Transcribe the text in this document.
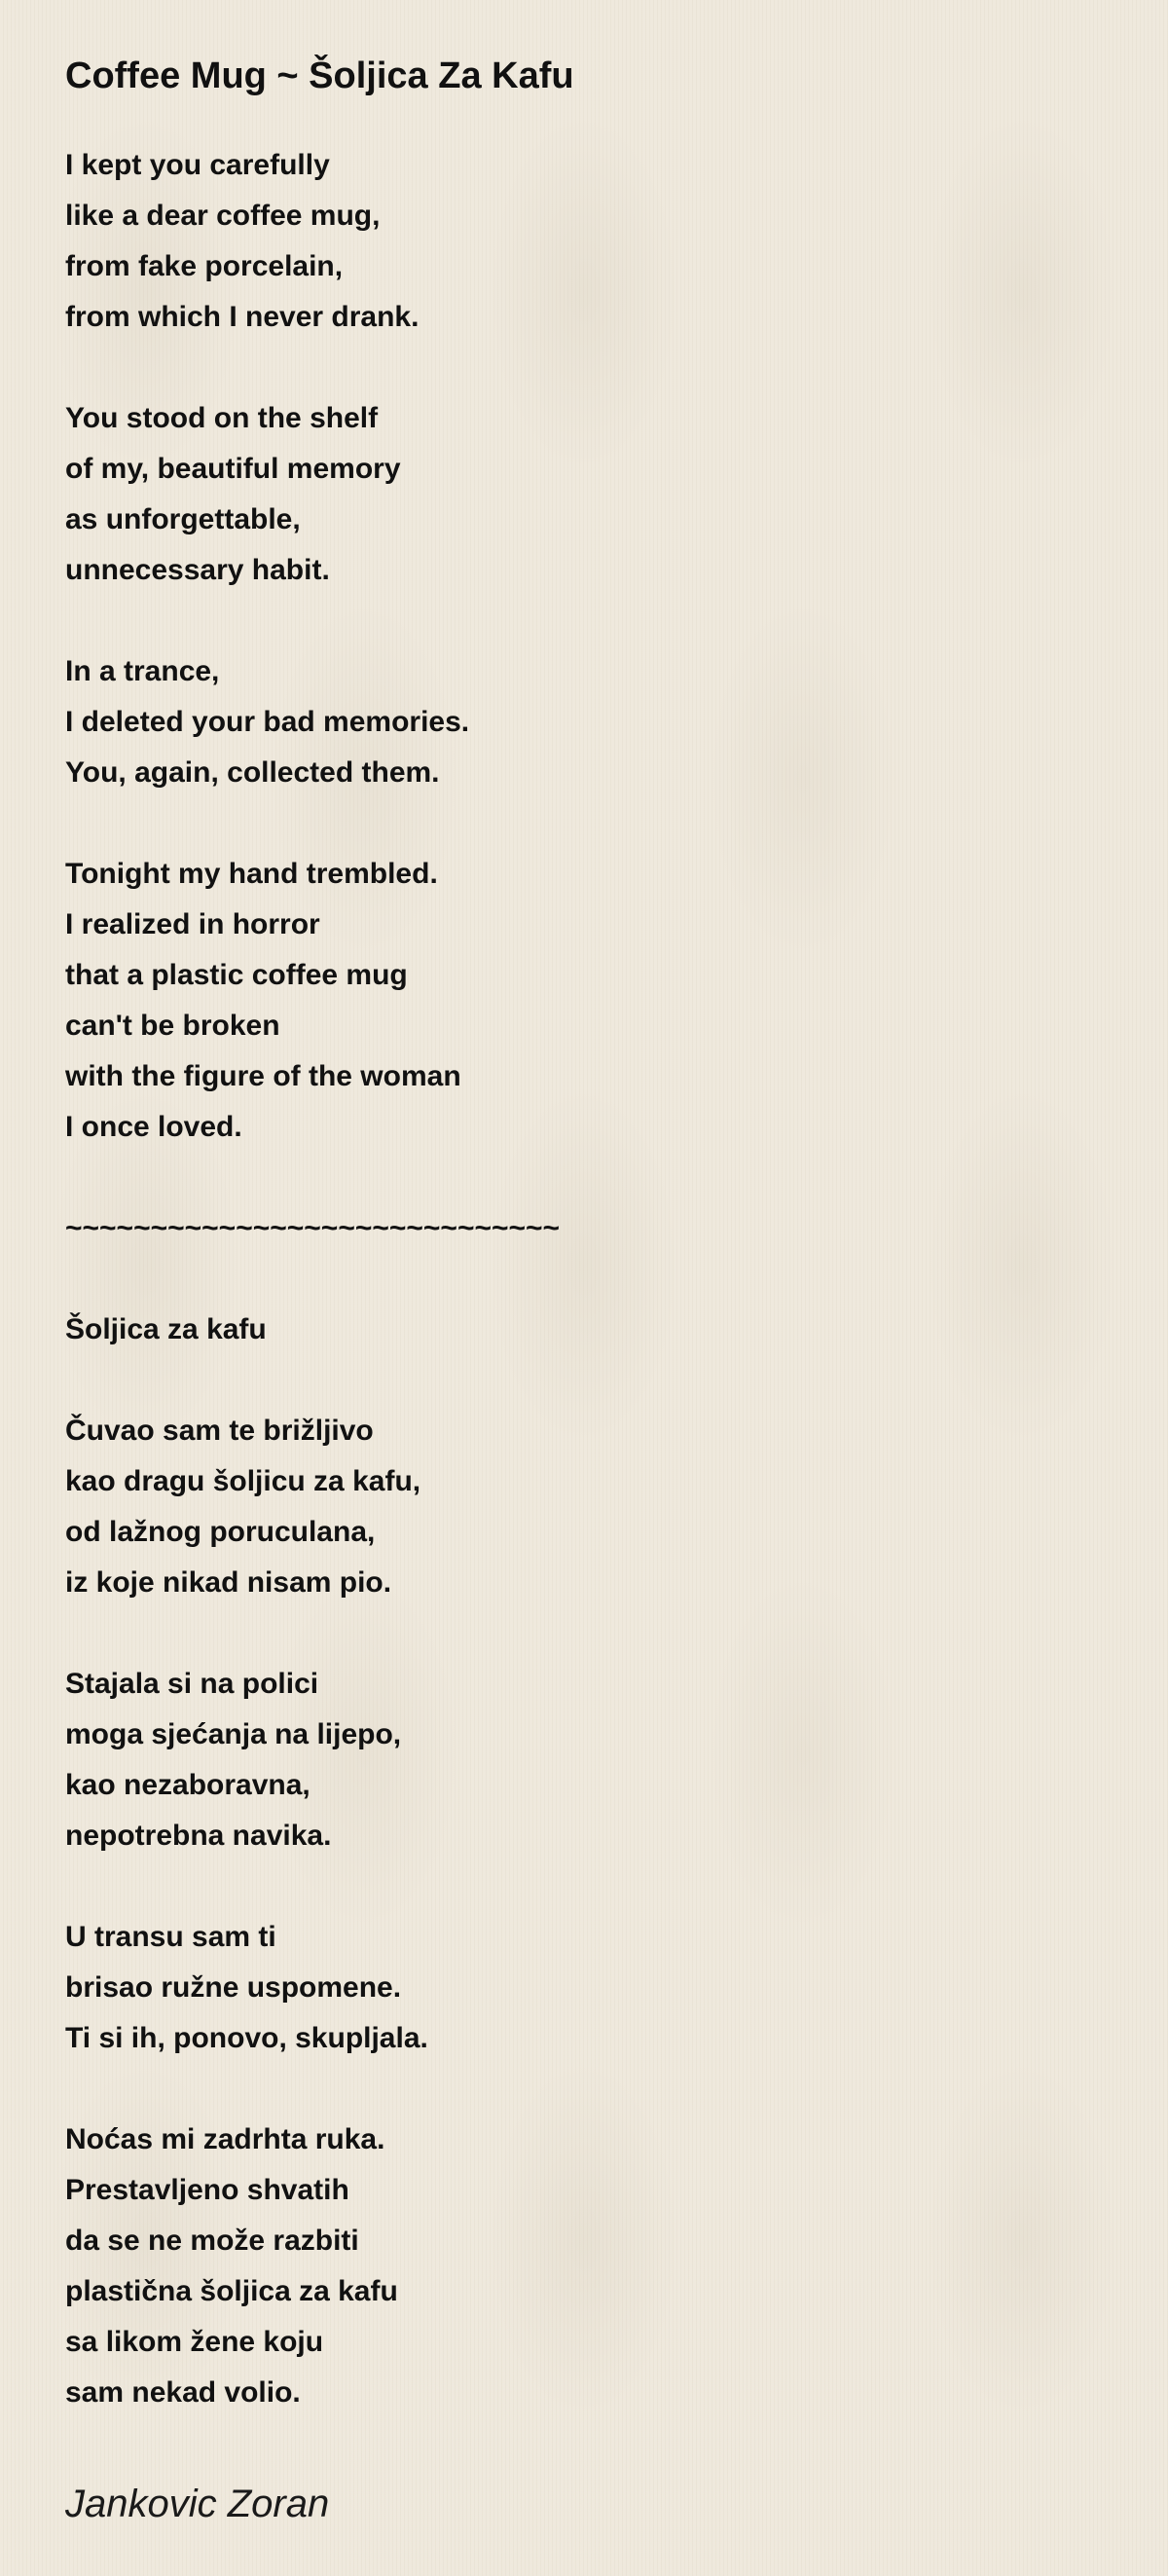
Coffee Mug ~ Šoljica Za Kafu
I kept you carefully
like a dear coffee mug,
from fake porcelain,
from which I never drank.
You stood on the shelf
of my, beautiful memory
as unforgettable,
unnecessary habit.
In a trance,
I deleted your bad memories.
You, again, collected them.
Tonight my hand trembled.
I realized in horror
that a plastic coffee mug
can't be broken
with the figure of the woman
I once loved.
~~~~~~~~~~~~~~~~~~~~~~~~~~~~~
Šoljica za kafu
Čuvao sam te brižljivo
kao dragu šoljicu za kafu,
od lažnog poruculana,
iz koje nikad nisam pio.
Stajala si na polici
moga sjećanja na lijepo,
kao nezaboravna,
nepotrebna navika.
U transu sam ti
brisao ružne uspomene.
Ti si ih, ponovo, skupljala.
Noćas mi zadrhta ruka.
Prestavljeno shvatih
da se ne može razbiti
plastična šoljica za kafu
sa likom žene koju
sam nekad volio.
Jankovic Zoran
